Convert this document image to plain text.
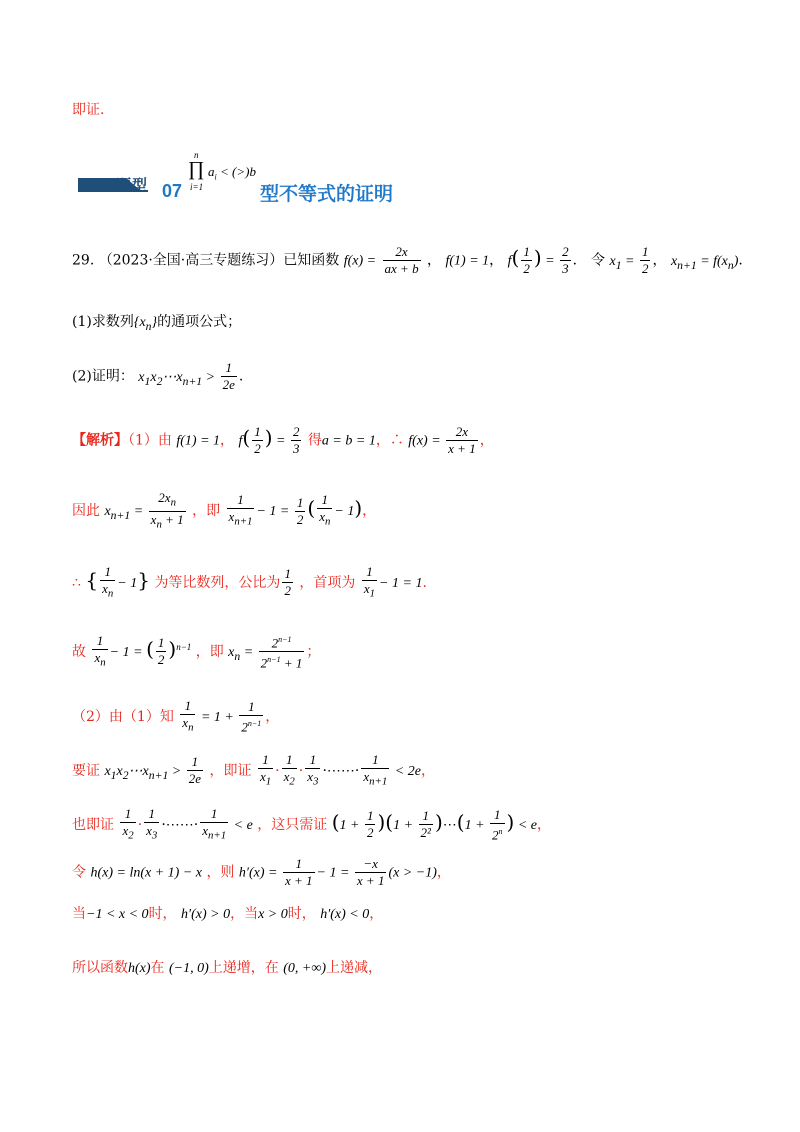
即证.
题型 07
n
∏
i=1
$a_i < (>)b$
型不等式的证明
29. （2023·全国·高三专题练习）已知函数 $f(x) = \frac{2x}{ax + b}$ ， f(1) = 1， $f( \frac{1}{2}$ ) = $\frac{2}{3}$ ． 令 $x_1 = \frac{1}{2}$ ， $x_{n+1} = f(x_n)$.
(1)求数列$\{x_n\}$的通项公式；
(2)证明： $x_1x_2\cdots x_{n+1} > \frac{1}{2e}$ .
【解析】（1）由 f(1) = 1， $f( \frac{1}{2}$ ) = $\frac{2}{3}$ 得a = b = 1，∴ $f(x) = \frac{2x}{x + 1}$ ，
因此 $x_{n+1} = \frac{2x_n}{x_n + 1}$ ，即 $\frac{1}{x_{n+1}} - 1 = \frac{1}{2}$ ( $\frac{1}{x_n} - 1$)，
∴ { $\frac{1}{x_n} - 1$} 为等比数列，公比为 $\frac{1}{2}$ ，首项为 $\frac{1}{x_1} - 1 = 1$.
故 $\frac{1}{x_n} - 1$ = ( $\frac{1}{2} )^{n-1}$ ，即 $x_n = \frac{2^{n-1}}{2^{n-1} + 1}$ ；
（2）由（1）知 $\frac{1}{x_n} = 1 + \frac{1}{2^{n-1}}$ ，
要证 $x_1x_2\cdots x_{n+1} > \frac{1}{2e}$ ，即证 $\frac{1}{x_1} \cdot \frac{1}{x_2} \cdot \frac{1}{x_3}$ ·⋯⋯· $\frac{1}{x_{n+1}} < 2e$，
也即证 $\frac{1}{x_2} \cdot \frac{1}{x_3}$ ·⋯⋯· $\frac{1}{x_{n+1}} < e$ ，这只需证 $(1 + \frac{1}{2} )(1 + \frac{1}{\text{2²}}$ )⋯(1 + $\frac{1}{2^n}$ ) < e，
令 h(x) = ln(x + 1) − x ，则 $h'(x) = \frac{1}{x + 1} - 1 = \frac{-x}{x + 1} (x > -1)$，
当−1 < x < 0时， h′(x) > 0，当x > 0时， h′(x) < 0，
所以函数h(x)在 (−1, 0)上递增，在 (0, +∞)上递减，
